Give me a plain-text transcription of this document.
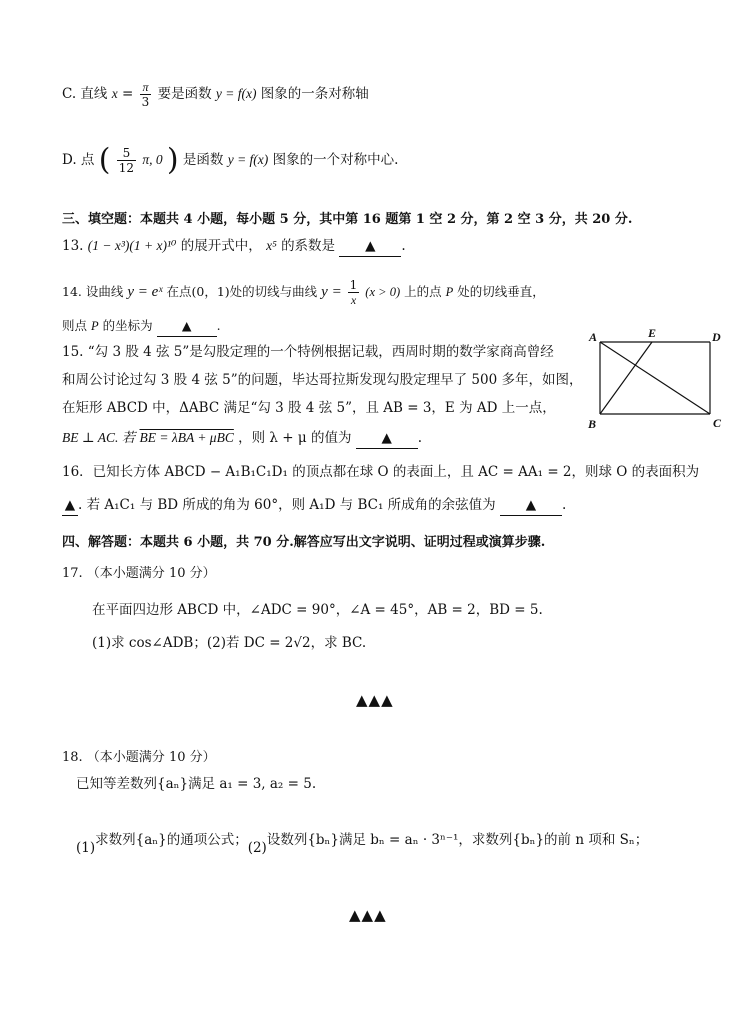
C. 直线 $x = \frac{\pi}{3}$ 要是函数 y = f(x) 图象的一条对称轴
D. 点 ( $\frac{5}{12} \pi$, 0 ) 是函数 y = f(x) 图象的一个对称中心.
三、填空题：本题共 4 小题，每小题 5 分，其中第 16 题第 1 空 2 分，第 2 空 3 分，共 20 分.
13. (1 − x³)(1 + x)¹⁰ 的展开式中， x⁵ 的系数是 ▲ .
14. 设曲线 y = eˣ 在点(0，1)处的切线与曲线 $y = \frac{1}{x} (x > 0)$ 上的点 P 处的切线垂直，
则点 P 的坐标为 ▲ .
15. “勾 3 股 4 弦 5”是勾股定理的一个特例根据记载，西周时期的数学家商高曾经
和周公讨论过勾 3 股 4 弦 5”的问题，毕达哥拉斯发现勾股定理早了 500 多年，如图，
在矩形 ABCD 中，ΔABC 满足“勾 3 股 4 弦 5”，且 AB = 3，E 为 AD 上一点，
BE ⊥ AC. 若 BE = λBA + μBC ，则 λ + μ 的值为 ▲ .
A	E	D
B	C
16．已知长方体 ABCD − A₁B₁C₁D₁ 的顶点都在球 O 的表面上，且 AC = AA₁ = 2，则球 O 的表面积为
▲ . 若 A₁C₁ 与 BD 所成的角为 60°，则 A₁D 与 BC₁ 所成角的余弦值为 ▲ .
四、解答题：本题共 6 小题，共 70 分.解答应写出文字说明、证明过程或演算步骤.
17. （本小题满分 10 分）
在平面四边形 ABCD 中，∠ADC = 90°，∠A = 45°，AB = 2，BD = 5.
(1)求 cos∠ADB；(2)若 DC = 2√2，求 BC.
▲▲▲
18. （本小题满分 10 分）
已知等差数列{aₙ}满足 a₁ = 3, a₂ = 5.
(1)求数列{aₙ}的通项公式；(2)设数列{bₙ}满足 bₙ = aₙ · 3ⁿ⁻¹，求数列{bₙ}的前 n 项和 Sₙ；
▲▲▲
